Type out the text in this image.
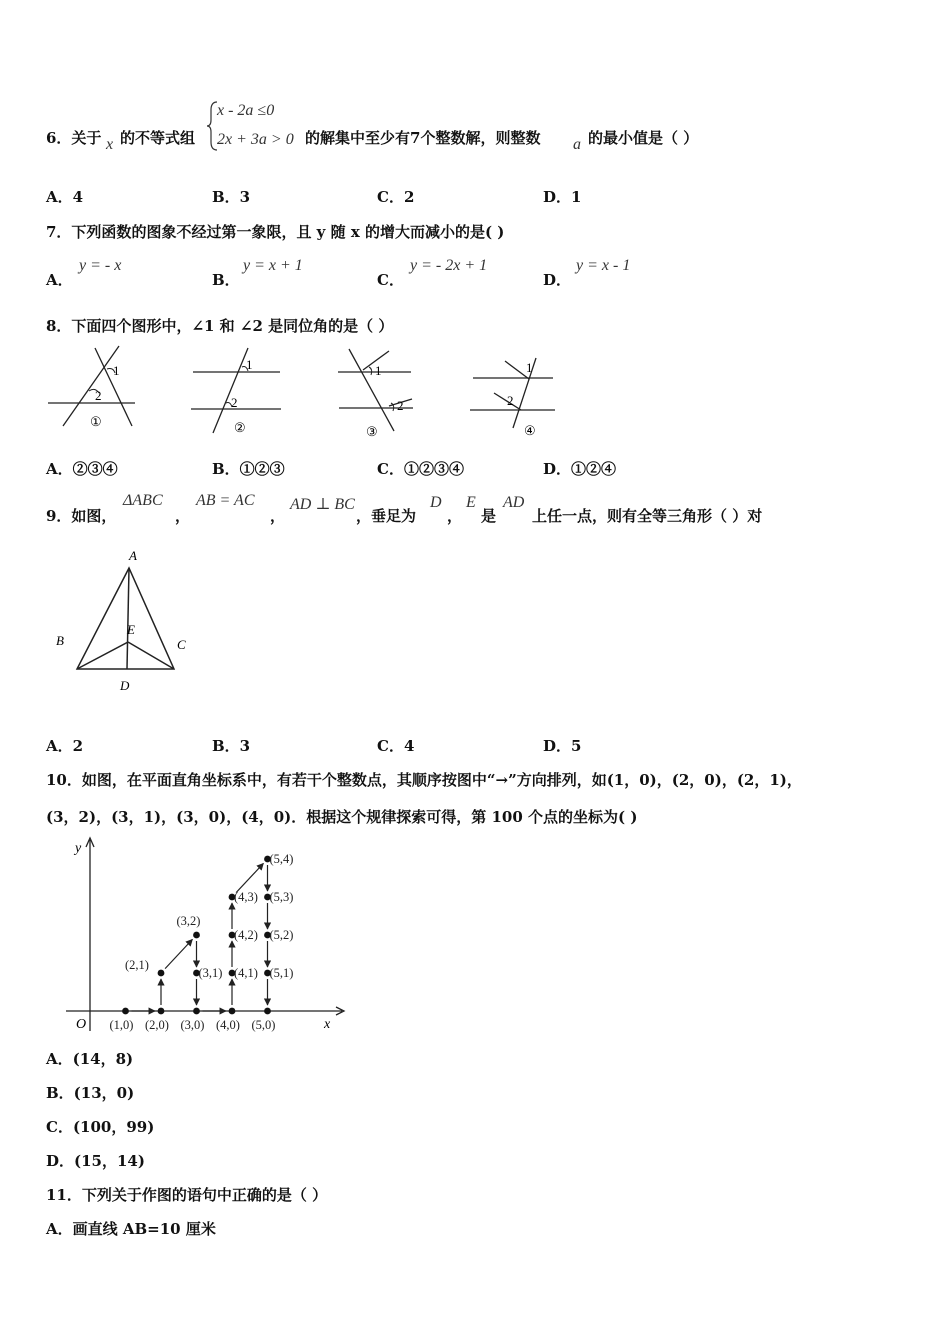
6．关于 x 的不等式组
x - 2a ≤0
2x + 3a > 0 的解集中至少有7个整数解，则整数 a 的最小值是（ ）
A．4	B．3	C．2	D．1
7．下列函数的图象不经过第一象限，且 y 随 x 的增大而减小的是( )
A．
y = - x
B．
y = x + 1
C．
y = - 2x + 1
D．
y = x - 1
8．下面四个图形中，∠1 和 ∠2 是同位角的是（ ）
1
2
①
1
2
②
1
2
③
1
2
④
A．②③④	B．①②③	C．①②③④	D．①②④
9．如图，
ΔABC
，
AB = AC
，
AD ⊥ BC
，垂足为
D
，
E
是
AD
上任一点，则有全等三角形（ ）对
A
B	C
D
E
A．2	B．3	C．4	D．5
10．如图，在平面直角坐标系中，有若干个整数点，其顺序按图中“→”方向排列，如(1，0)，(2，0)，(2，1)，
(3，2)，(3，1)，(3，0)，(4，0)．根据这个规律探索可得，第 100 个点的坐标为( )
y
x
O (1,0) (2,0) (3,0) (4,0) (5,0)
(2,1)
(3,2)
(3,1) (4,1)
(4,2)
(4,3)
(5,4)
(5,3)
(5,2)
(5,1)
A．(14，8)
B．(13，0)
C．(100，99)
D．(15，14)
11．下列关于作图的语句中正确的是（ ）
A．画直线 AB=10 厘米
